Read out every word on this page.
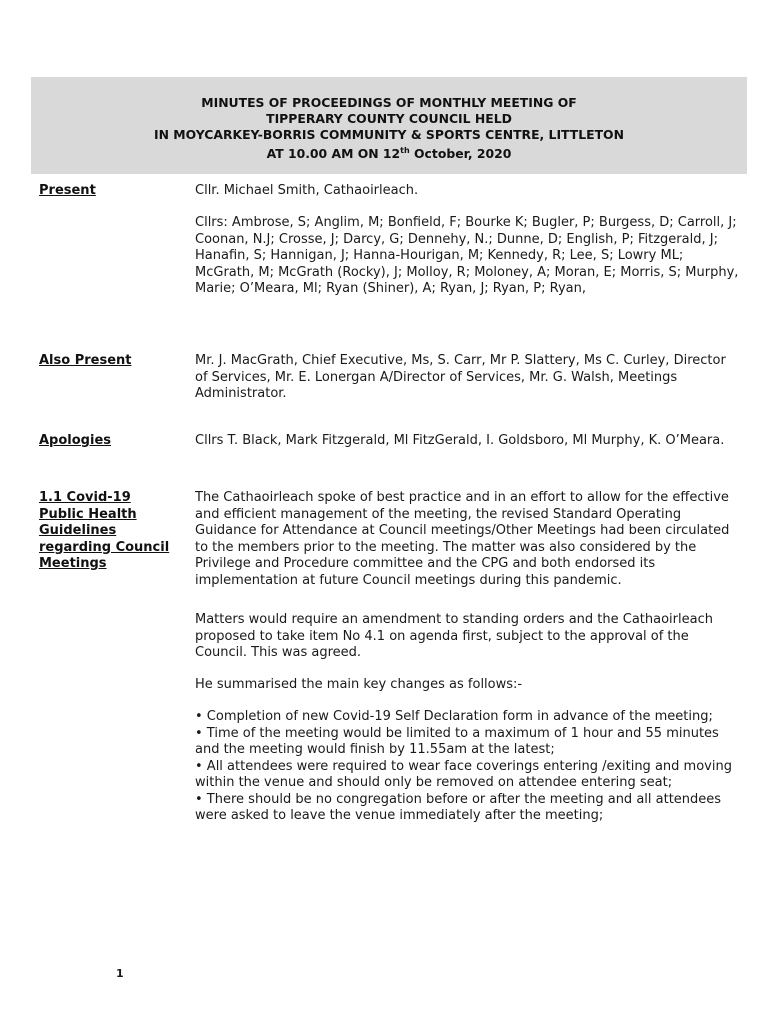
MINUTES OF PROCEEDINGS OF MONTHLY MEETING OF
TIPPERARY COUNTY COUNCIL HELD
IN MOYCARKEY-BORRIS COMMUNITY & SPORTS CENTRE, LITTLETON
AT 10.00 AM ON 12th October, 2020
Present	Cllr. Michael Smith, Cathaoirleach.

Cllrs: Ambrose, S; Anglim, M; Bonfield, F; Bourke K; Bugler, P; Burgess, D; Carroll, J; Coonan, N.J; Crosse, J; Darcy, G; Dennehy, N.; Dunne, D; English, P; Fitzgerald, J; Hanafin, S; Hannigan, J; Hanna-Hourigan, M; Kennedy, R; Lee, S; Lowry ML; McGrath, M; McGrath (Rocky), J; Molloy, R; Moloney, A; Moran, E; Morris, S; Murphy, Marie; O’Meara, Ml; Ryan (Shiner), A; Ryan, J; Ryan, P; Ryan,

Also Present	Mr. J. MacGrath, Chief Executive, Ms, S. Carr, Mr P. Slattery, Ms C. Curley, Director of Services, Mr. E. Lonergan A/Director of Services, Mr. G. Walsh, Meetings Administrator.

Apologies	Cllrs T. Black, Mark Fitzgerald, Ml FitzGerald, I. Goldsboro, Ml Murphy, K. O’Meara.

1.1 Covid-19
Public Health
Guidelines
regarding Council
Meetings

The Cathaoirleach spoke of best practice and in an effort to allow for the effective and efficient management of the meeting, the revised Standard Operating Guidance for Attendance at Council meetings/Other Meetings had been circulated to the members prior to the meeting. The matter was also considered by the Privilege and Procedure committee and the CPG and both endorsed its implementation at future Council meetings during this pandemic.

Matters would require an amendment to standing orders and the Cathaoirleach proposed to take item No 4.1 on agenda first, subject to the approval of the Council. This was agreed.

He summarised the main key changes as follows:-

• Completion of new Covid-19 Self Declaration form in advance of the meeting;

• Time of the meeting would be limited to a maximum of 1 hour and 55 minutes and the meeting would finish by 11.55am at the latest;

• All attendees were required to wear face coverings entering /exiting and moving within the venue and should only be removed on attendee entering seat;

• There should be no congregation before or after the meeting and all attendees were asked to leave the venue immediately after the meeting;

1
